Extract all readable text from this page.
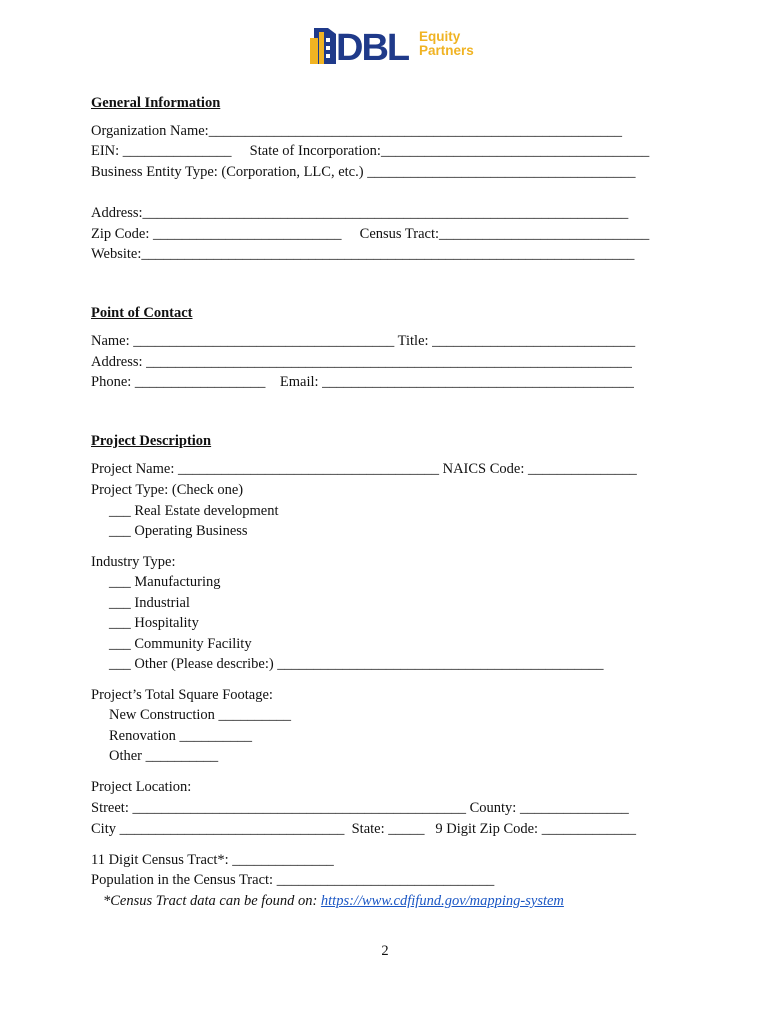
DBL Equity
Partners
General Information
Organization Name:_________________________________________________________
EIN: _______________     State of Incorporation:_____________________________________
Business Entity Type: (Corporation, LLC, etc.) _____________________________________
Address:___________________________________________________________________
Zip Code: __________________________     Census Tract:_____________________________
Website:____________________________________________________________________
Point of Contact
Name: ____________________________________ Title: ____________________________
Address: ___________________________________________________________________
Phone: __________________    Email: ___________________________________________
Project Description
Project Name: ____________________________________ NAICS Code: _______________
Project Type: (Check one)
___ Real Estate development
___ Operating Business
Industry Type:
___ Manufacturing
___ Industrial
___ Hospitality
___ Community Facility
___ Other (Please describe:) _____________________________________________
Project’s Total Square Footage:
New Construction __________
Renovation __________
Other __________
Project Location:
Street: ______________________________________________ County: _______________
City _______________________________  State: _____   9 Digit Zip Code: _____________
11 Digit Census Tract*: ______________
Population in the Census Tract: ______________________________
*Census Tract data can be found on: https://www.cdfifund.gov/mapping-system
2
